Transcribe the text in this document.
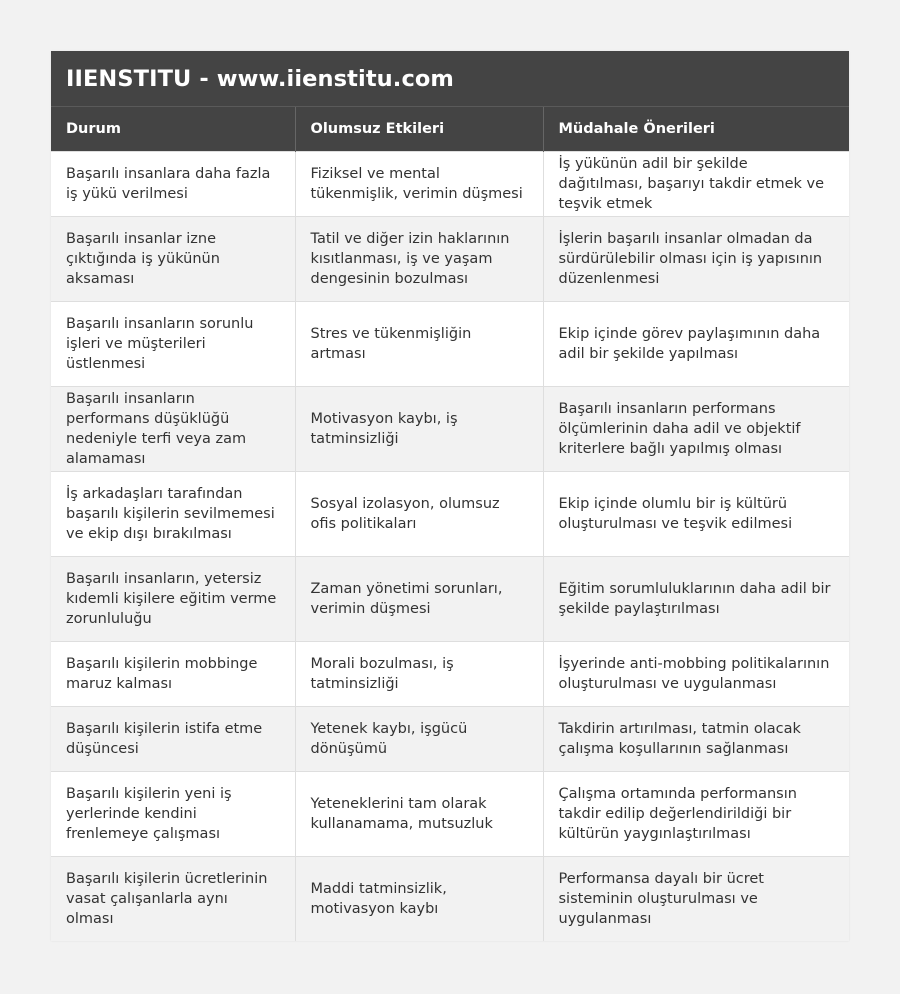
IIENSTITU - www.iienstitu.com
Durum	Olumsuz Etkileri	Müdahale Önerileri
Başarılı insanlara daha fazla iş yükü verilmesi	Fiziksel ve mental tükenmişlik, verimin düşmesi	İş yükünün adil bir şekilde dağıtılması, başarıyı takdir etmek ve teşvik etmek
Başarılı insanlar izne çıktığında iş yükünün aksaması	Tatil ve diğer izin haklarının kısıtlanması, iş ve yaşam dengesinin bozulması	İşlerin başarılı insanlar olmadan da sürdürülebilir olması için iş yapısının düzenlenmesi
Başarılı insanların sorunlu işleri ve müşterileri üstlenmesi	Stres ve tükenmişliğin artması	Ekip içinde görev paylaşımının daha adil bir şekilde yapılması
Başarılı insanların performans düşüklüğü nedeniyle terfi veya zam alamaması	Motivasyon kaybı, iş tatminsizliği	Başarılı insanların performans ölçümlerinin daha adil ve objektif kriterlere bağlı yapılmış olması
İş arkadaşları tarafından başarılı kişilerin sevilmemesi ve ekip dışı bırakılması	Sosyal izolasyon, olumsuz ofis politikaları	Ekip içinde olumlu bir iş kültürü oluşturulması ve teşvik edilmesi
Başarılı insanların, yetersiz kıdemli kişilere eğitim verme zorunluluğu	Zaman yönetimi sorunları, verimin düşmesi	Eğitim sorumluluklarının daha adil bir şekilde paylaştırılması
Başarılı kişilerin mobbinge maruz kalması	Morali bozulması, iş tatminsizliği	İşyerinde anti-mobbing politikalarının oluşturulması ve uygulanması
Başarılı kişilerin istifa etme düşüncesi	Yetenek kaybı, işgücü dönüşümü	Takdirin artırılması, tatmin olacak çalışma koşullarının sağlanması
Başarılı kişilerin yeni iş yerlerinde kendini frenlemeye çalışması	Yeteneklerini tam olarak kullanamama, mutsuzluk	Çalışma ortamında performansın takdir edilip değerlendirildiği bir kültürün yaygınlaştırılması
Başarılı kişilerin ücretlerinin vasat çalışanlarla aynı olması	Maddi tatminsizlik, motivasyon kaybı	Performansa dayalı bir ücret sisteminin oluşturulması ve uygulanması
